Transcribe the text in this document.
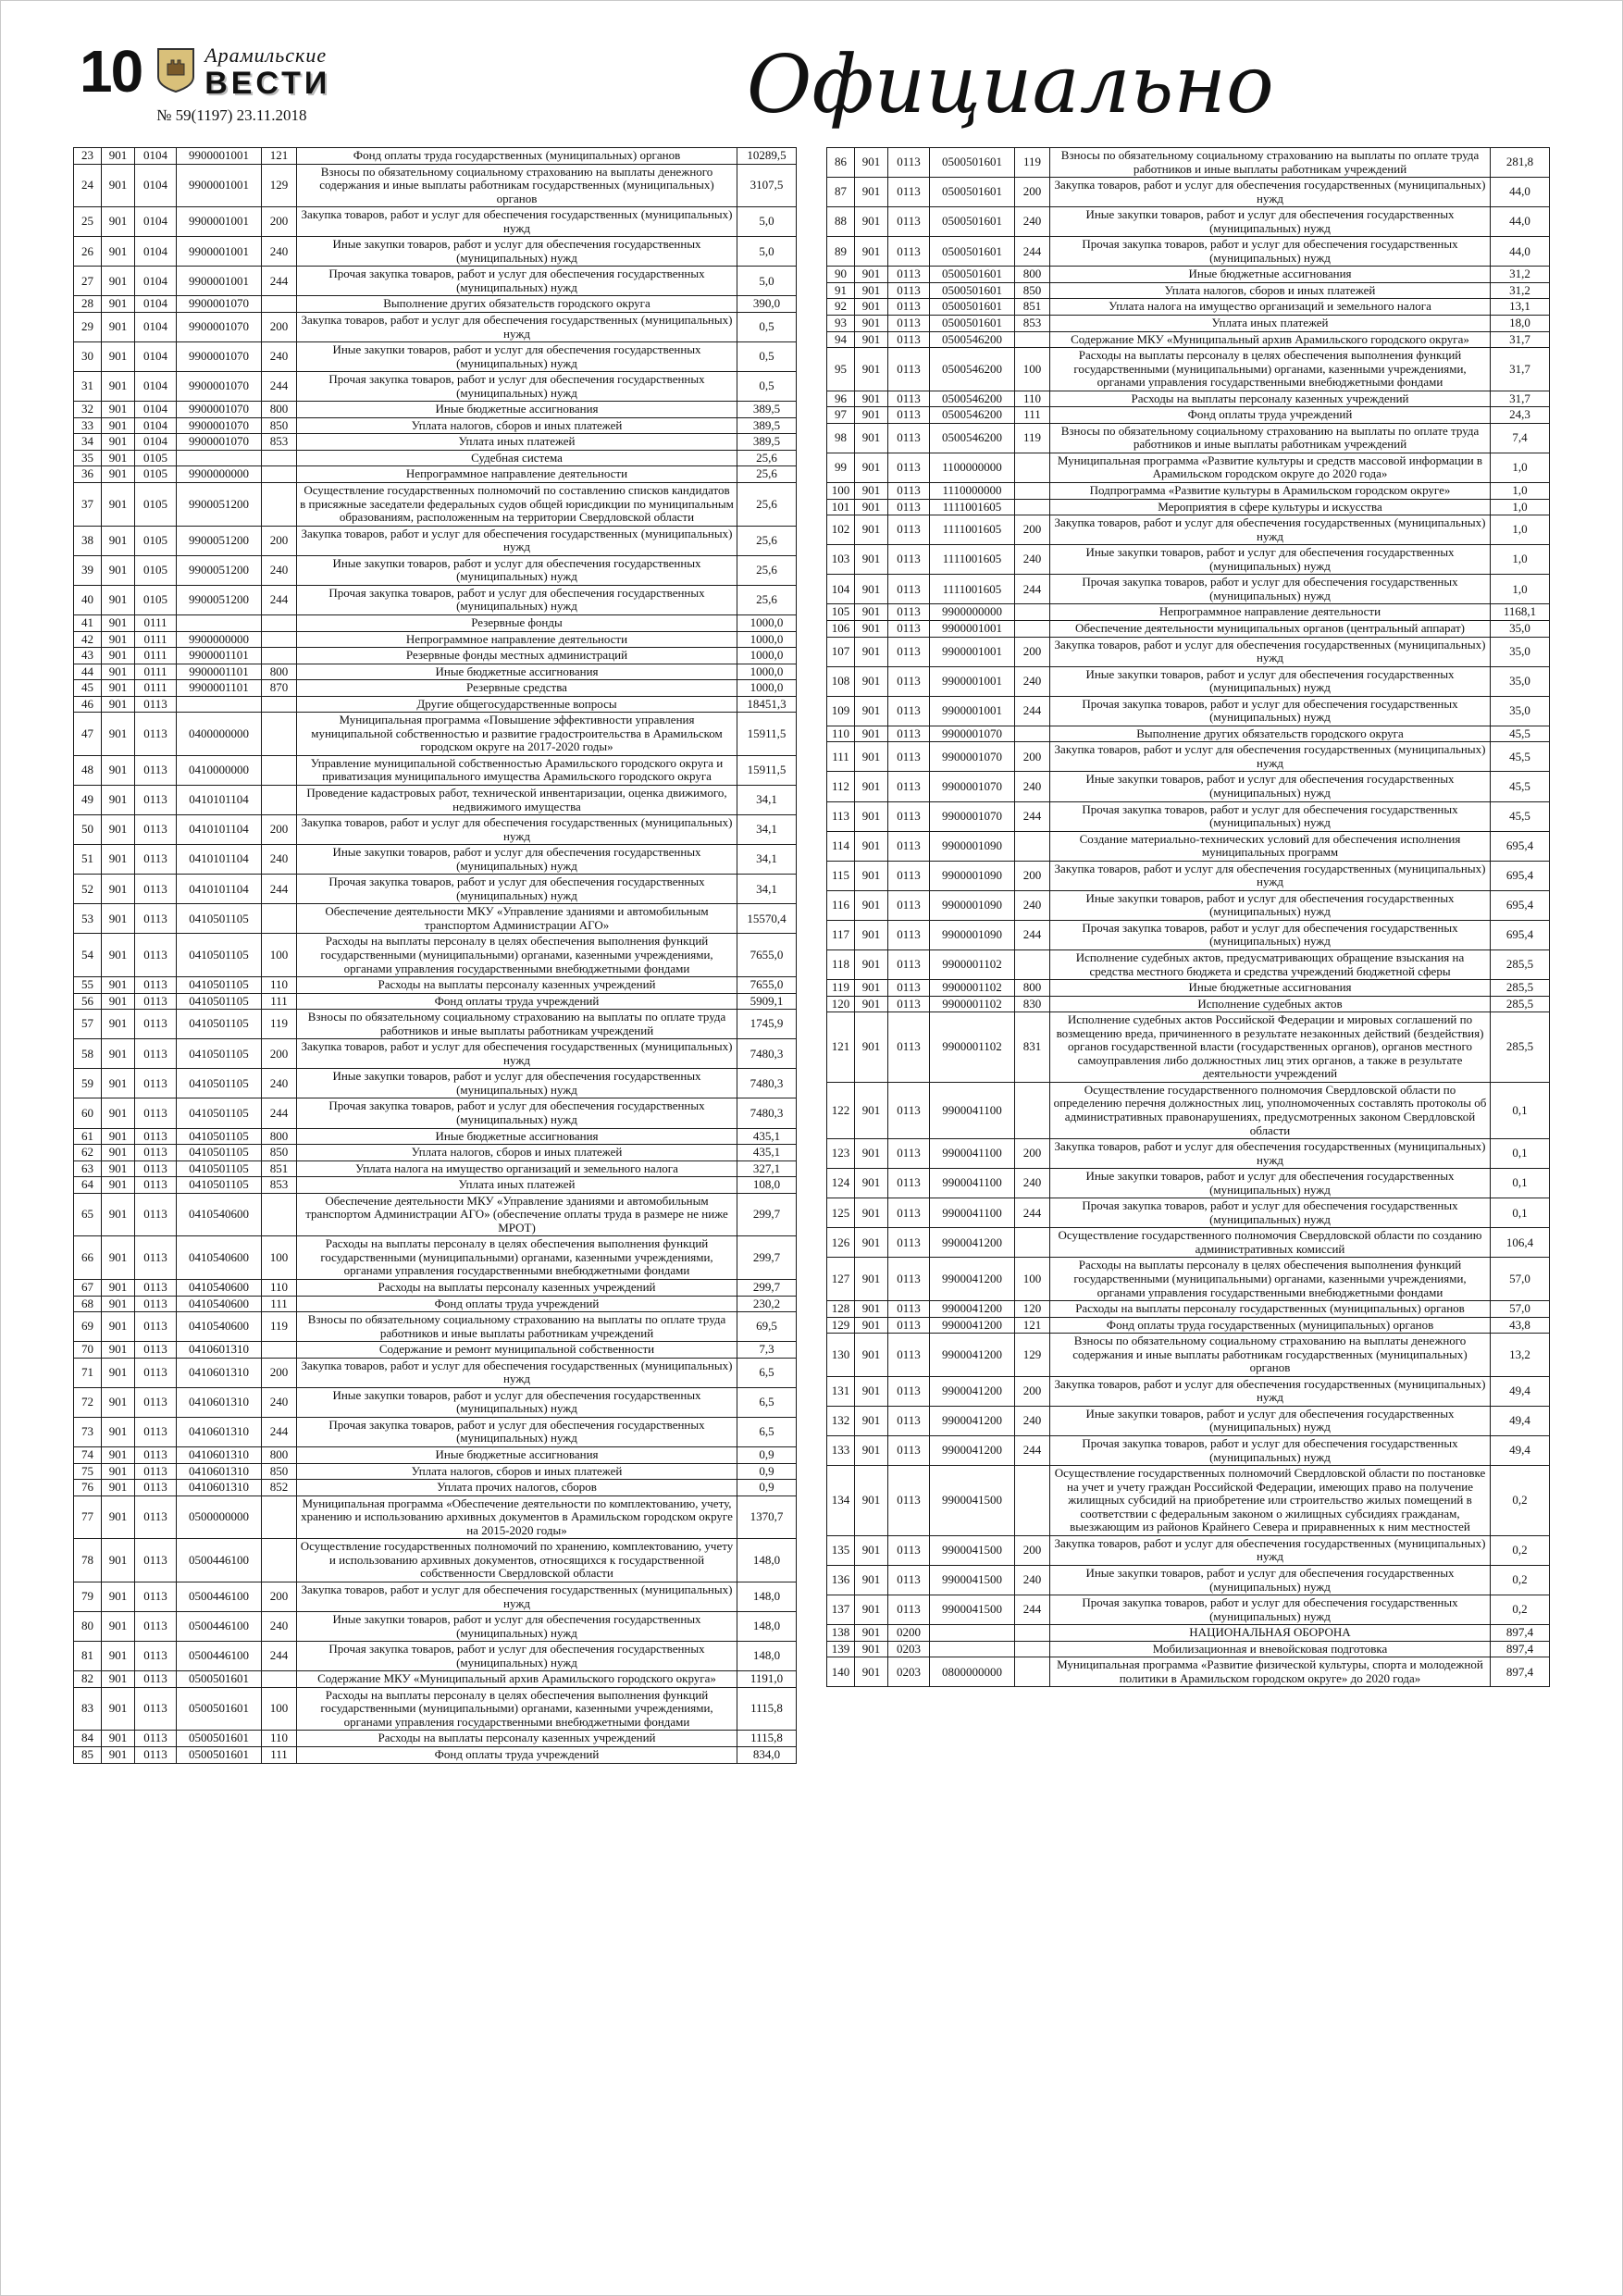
10	Арамильские
ВЕСТИ
№ 59(1197) 23.11.2018	Официально
23	901	0104	9900001001	121	Фонд оплаты труда государственных (муниципальных) органов	10289,5
24	901	0104	9900001001	129	Взносы по обязательному социальному страхованию на выплаты денежного содержания и иные выплаты работникам государственных (муниципальных) органов	3107,5
25	901	0104	9900001001	200	Закупка товаров, работ и услуг для обеспечения государственных (муниципальных) нужд	5,0
26	901	0104	9900001001	240	Иные закупки товаров, работ и услуг для обеспечения государственных (муниципальных) нужд	5,0
27	901	0104	9900001001	244	Прочая закупка товаров, работ и услуг для обеспечения государственных (муниципальных) нужд	5,0
28	901	0104	9900001070		Выполнение других обязательств городского округа	390,0
29	901	0104	9900001070	200	Закупка товаров, работ и услуг для обеспечения государственных (муниципальных) нужд	0,5
30	901	0104	9900001070	240	Иные закупки товаров, работ и услуг для обеспечения государственных (муниципальных) нужд	0,5
31	901	0104	9900001070	244	Прочая закупка товаров, работ и услуг для обеспечения государственных (муниципальных) нужд	0,5
32	901	0104	9900001070	800	Иные бюджетные ассигнования	389,5
33	901	0104	9900001070	850	Уплата налогов, сборов и иных платежей	389,5
34	901	0104	9900001070	853	Уплата иных платежей	389,5
35	901	0105			Судебная система	25,6
36	901	0105	9900000000		Непрограммное направление деятельности	25,6
37	901	0105	9900051200		Осуществление государственных полномочий по составлению списков кандидатов в присяжные заседатели федеральных судов общей юрисдикции по муниципальным образованиям, расположенным на территории Свердловской области	25,6
38	901	0105	9900051200	200	Закупка товаров, работ и услуг для обеспечения государственных (муниципальных) нужд	25,6
39	901	0105	9900051200	240	Иные закупки товаров, работ и услуг для обеспечения государственных (муниципальных) нужд	25,6
40	901	0105	9900051200	244	Прочая закупка товаров, работ и услуг для обеспечения государственных (муниципальных) нужд	25,6
41	901	0111			Резервные фонды	1000,0
42	901	0111	9900000000		Непрограммное направление деятельности	1000,0
43	901	0111	9900001101		Резервные фонды местных администраций	1000,0
44	901	0111	9900001101	800	Иные бюджетные ассигнования	1000,0
45	901	0111	9900001101	870	Резервные средства	1000,0
46	901	0113			Другие общегосударственные вопросы	18451,3
47	901	0113	0400000000		Муниципальная программа «Повышение эффективности управления муниципальной собственностью и развитие градостроительства в Арамильском городском округе на 2017-2020 годы»	15911,5
48	901	0113	0410000000		Управление муниципальной собственностью Арамильского городского округа и приватизация муниципального имущества Арамильского городского округа	15911,5
49	901	0113	0410101104		Проведение кадастровых работ, технической инвентаризации, оценка движимого, недвижимого имущества	34,1
50	901	0113	0410101104	200	Закупка товаров, работ и услуг для обеспечения государственных (муниципальных) нужд	34,1
51	901	0113	0410101104	240	Иные закупки товаров, работ и услуг для обеспечения государственных (муниципальных) нужд	34,1
52	901	0113	0410101104	244	Прочая закупка товаров, работ и услуг для обеспечения государственных (муниципальных) нужд	34,1
53	901	0113	0410501105		Обеспечение деятельности МКУ «Управление зданиями и автомобильным транспортом Администрации АГО»	15570,4
54	901	0113	0410501105	100	Расходы на выплаты персоналу в целях обеспечения выполнения функций государственными (муниципальными) органами, казенными учреждениями, органами управления государственными внебюджетными фондами	7655,0
55	901	0113	0410501105	110	Расходы на выплаты персоналу казенных учреждений	7655,0
56	901	0113	0410501105	111	Фонд оплаты труда учреждений	5909,1
57	901	0113	0410501105	119	Взносы по обязательному социальному страхованию на выплаты по оплате труда работников и иные выплаты работникам учреждений	1745,9
58	901	0113	0410501105	200	Закупка товаров, работ и услуг для обеспечения государственных (муниципальных) нужд	7480,3
59	901	0113	0410501105	240	Иные закупки товаров, работ и услуг для обеспечения государственных (муниципальных) нужд	7480,3
60	901	0113	0410501105	244	Прочая закупка товаров, работ и услуг для обеспечения государственных (муниципальных) нужд	7480,3
61	901	0113	0410501105	800	Иные бюджетные ассигнования	435,1
62	901	0113	0410501105	850	Уплата налогов, сборов и иных платежей	435,1
63	901	0113	0410501105	851	Уплата налога на имущество организаций и земельного налога	327,1
64	901	0113	0410501105	853	Уплата иных платежей	108,0
65	901	0113	0410540600		Обеспечение деятельности МКУ «Управление зданиями и автомобильным транспортом Администрации АГО» (обеспечение оплаты труда в размере не ниже МРОТ)	299,7
66	901	0113	0410540600	100	Расходы на выплаты персоналу в целях обеспечения выполнения функций государственными (муниципальными) органами, казенными учреждениями, органами управления государственными внебюджетными фондами	299,7
67	901	0113	0410540600	110	Расходы на выплаты персоналу казенных учреждений	299,7
68	901	0113	0410540600	111	Фонд оплаты труда учреждений	230,2
69	901	0113	0410540600	119	Взносы по обязательному социальному страхованию на выплаты по оплате труда работников и иные выплаты работникам учреждений	69,5
70	901	0113	0410601310		Содержание и ремонт муниципальной собственности	7,3
71	901	0113	0410601310	200	Закупка товаров, работ и услуг для обеспечения государственных (муниципальных) нужд	6,5
72	901	0113	0410601310	240	Иные закупки товаров, работ и услуг для обеспечения государственных (муниципальных) нужд	6,5
73	901	0113	0410601310	244	Прочая закупка товаров, работ и услуг для обеспечения государственных (муниципальных) нужд	6,5
74	901	0113	0410601310	800	Иные бюджетные ассигнования	0,9
75	901	0113	0410601310	850	Уплата налогов, сборов и иных платежей	0,9
76	901	0113	0410601310	852	Уплата прочих налогов, сборов	0,9
77	901	0113	0500000000		Муниципальная программа «Обеспечение деятельности по комплектованию, учету, хранению и использованию архивных документов в Арамильском городском округе на 2015-2020 годы»	1370,7
78	901	0113	0500446100		Осуществление государственных полномочий по хранению, комплектованию, учету и использованию архивных документов, относящихся к государственной собственности Свердловской области	148,0
79	901	0113	0500446100	200	Закупка товаров, работ и услуг для обеспечения государственных (муниципальных) нужд	148,0
80	901	0113	0500446100	240	Иные закупки товаров, работ и услуг для обеспечения государственных (муниципальных) нужд	148,0
81	901	0113	0500446100	244	Прочая закупка товаров, работ и услуг для обеспечения государственных (муниципальных) нужд	148,0
82	901	0113	0500501601		Содержание МКУ «Муниципальный архив Арамильского городского округа»	1191,0
83	901	0113	0500501601	100	Расходы на выплаты персоналу в целях обеспечения выполнения функций государственными (муниципальными) органами, казенными учреждениями, органами управления государственными внебюджетными фондами	1115,8
84	901	0113	0500501601	110	Расходы на выплаты персоналу казенных учреждений	1115,8
85	901	0113	0500501601	111	Фонд оплаты труда учреждений	834,0
86	901	0113	0500501601	119	Взносы по обязательному социальному страхованию на выплаты по оплате труда работников и иные выплаты работникам учреждений	281,8
87	901	0113	0500501601	200	Закупка товаров, работ и услуг для обеспечения государственных (муниципальных) нужд	44,0
88	901	0113	0500501601	240	Иные закупки товаров, работ и услуг для обеспечения государственных (муниципальных) нужд	44,0
89	901	0113	0500501601	244	Прочая закупка товаров, работ и услуг для обеспечения государственных (муниципальных) нужд	44,0
90	901	0113	0500501601	800	Иные бюджетные ассигнования	31,2
91	901	0113	0500501601	850	Уплата налогов, сборов и иных платежей	31,2
92	901	0113	0500501601	851	Уплата налога на имущество организаций и земельного налога	13,1
93	901	0113	0500501601	853	Уплата иных платежей	18,0
94	901	0113	0500546200		Содержание МКУ «Муниципальный архив Арамильского городского округа»	31,7
95	901	0113	0500546200	100	Расходы на выплаты персоналу в целях обеспечения выполнения функций государственными (муниципальными) органами, казенными учреждениями, органами управления государственными внебюджетными фондами	31,7
96	901	0113	0500546200	110	Расходы на выплаты персоналу казенных учреждений	31,7
97	901	0113	0500546200	111	Фонд оплаты труда учреждений	24,3
98	901	0113	0500546200	119	Взносы по обязательному социальному страхованию на выплаты по оплате труда работников и иные выплаты работникам учреждений	7,4
99	901	0113	1100000000		Муниципальная программа «Развитие культуры и средств массовой информации в Арамильском городском округе до 2020 года»	1,0
100	901	0113	1110000000		Подпрограмма «Развитие культуры в Арамильском городском округе»	1,0
101	901	0113	1111001605		Мероприятия в сфере культуры и искусства	1,0
102	901	0113	1111001605	200	Закупка товаров, работ и услуг для обеспечения государственных (муниципальных) нужд	1,0
103	901	0113	1111001605	240	Иные закупки товаров, работ и услуг для обеспечения государственных (муниципальных) нужд	1,0
104	901	0113	1111001605	244	Прочая закупка товаров, работ и услуг для обеспечения государственных (муниципальных) нужд	1,0
105	901	0113	9900000000		Непрограммное направление деятельности	1168,1
106	901	0113	9900001001		Обеспечение деятельности муниципальных органов (центральный аппарат)	35,0
107	901	0113	9900001001	200	Закупка товаров, работ и услуг для обеспечения государственных (муниципальных) нужд	35,0
108	901	0113	9900001001	240	Иные закупки товаров, работ и услуг для обеспечения государственных (муниципальных) нужд	35,0
109	901	0113	9900001001	244	Прочая закупка товаров, работ и услуг для обеспечения государственных (муниципальных) нужд	35,0
110	901	0113	9900001070		Выполнение других обязательств городского округа	45,5
111	901	0113	9900001070	200	Закупка товаров, работ и услуг для обеспечения государственных (муниципальных) нужд	45,5
112	901	0113	9900001070	240	Иные закупки товаров, работ и услуг для обеспечения государственных (муниципальных) нужд	45,5
113	901	0113	9900001070	244	Прочая закупка товаров, работ и услуг для обеспечения государственных (муниципальных) нужд	45,5
114	901	0113	9900001090		Создание материально-технических условий для обеспечения исполнения муниципальных программ	695,4
115	901	0113	9900001090	200	Закупка товаров, работ и услуг для обеспечения государственных (муниципальных) нужд	695,4
116	901	0113	9900001090	240	Иные закупки товаров, работ и услуг для обеспечения государственных (муниципальных) нужд	695,4
117	901	0113	9900001090	244	Прочая закупка товаров, работ и услуг для обеспечения государственных (муниципальных) нужд	695,4
118	901	0113	9900001102		Исполнение судебных актов, предусматривающих обращение взыскания на средства местного бюджета и средства учреждений бюджетной сферы	285,5
119	901	0113	9900001102	800	Иные бюджетные ассигнования	285,5
120	901	0113	9900001102	830	Исполнение судебных актов	285,5
121	901	0113	9900001102	831	Исполнение судебных актов Российской Федерации и мировых соглашений по возмещению вреда, причиненного в результате незаконных действий (бездействия) органов государственной власти (государственных органов), органов местного самоуправления либо должностных лиц этих органов, а также в результате деятельности учреждений	285,5
122	901	0113	9900041100		Осуществление государственного полномочия Свердловской области по определению перечня должностных лиц, уполномоченных составлять протоколы об административных правонарушениях, предусмотренных законом Свердловской области	0,1
123	901	0113	9900041100	200	Закупка товаров, работ и услуг для обеспечения государственных (муниципальных) нужд	0,1
124	901	0113	9900041100	240	Иные закупки товаров, работ и услуг для обеспечения государственных (муниципальных) нужд	0,1
125	901	0113	9900041100	244	Прочая закупка товаров, работ и услуг для обеспечения государственных (муниципальных) нужд	0,1
126	901	0113	9900041200		Осуществление государственного полномочия Свердловской области по созданию административных комиссий	106,4
127	901	0113	9900041200	100	Расходы на выплаты персоналу в целях обеспечения выполнения функций государственными (муниципальными) органами, казенными учреждениями, органами управления государственными внебюджетными фондами	57,0
128	901	0113	9900041200	120	Расходы на выплаты персоналу государственных (муниципальных) органов	57,0
129	901	0113	9900041200	121	Фонд оплаты труда государственных (муниципальных) органов	43,8
130	901	0113	9900041200	129	Взносы по обязательному социальному страхованию на выплаты денежного содержания и иные выплаты работникам государственных (муниципальных) органов	13,2
131	901	0113	9900041200	200	Закупка товаров, работ и услуг для обеспечения государственных (муниципальных) нужд	49,4
132	901	0113	9900041200	240	Иные закупки товаров, работ и услуг для обеспечения государственных (муниципальных) нужд	49,4
133	901	0113	9900041200	244	Прочая закупка товаров, работ и услуг для обеспечения государственных (муниципальных) нужд	49,4
134	901	0113	9900041500		Осуществление государственных полномочий Свердловской области по постановке на учет и учету граждан Российской Федерации, имеющих право на получение жилищных субсидий на приобретение или строительство жилых помещений в соответствии с федеральным законом о жилищных субсидиях гражданам, выезжающим из районов Крайнего Севера и приравненных к ним местностей	0,2
135	901	0113	9900041500	200	Закупка товаров, работ и услуг для обеспечения государственных (муниципальных) нужд	0,2
136	901	0113	9900041500	240	Иные закупки товаров, работ и услуг для обеспечения государственных (муниципальных) нужд	0,2
137	901	0113	9900041500	244	Прочая закупка товаров, работ и услуг для обеспечения государственных (муниципальных) нужд	0,2
138	901	0200			НАЦИОНАЛЬНАЯ ОБОРОНА	897,4
139	901	0203			Мобилизационная и вневойсковая подготовка	897,4
140	901	0203	0800000000		Муниципальная программа «Развитие физической культуры, спорта и молодежной политики в Арамильском городском округе» до 2020 года»	897,4
